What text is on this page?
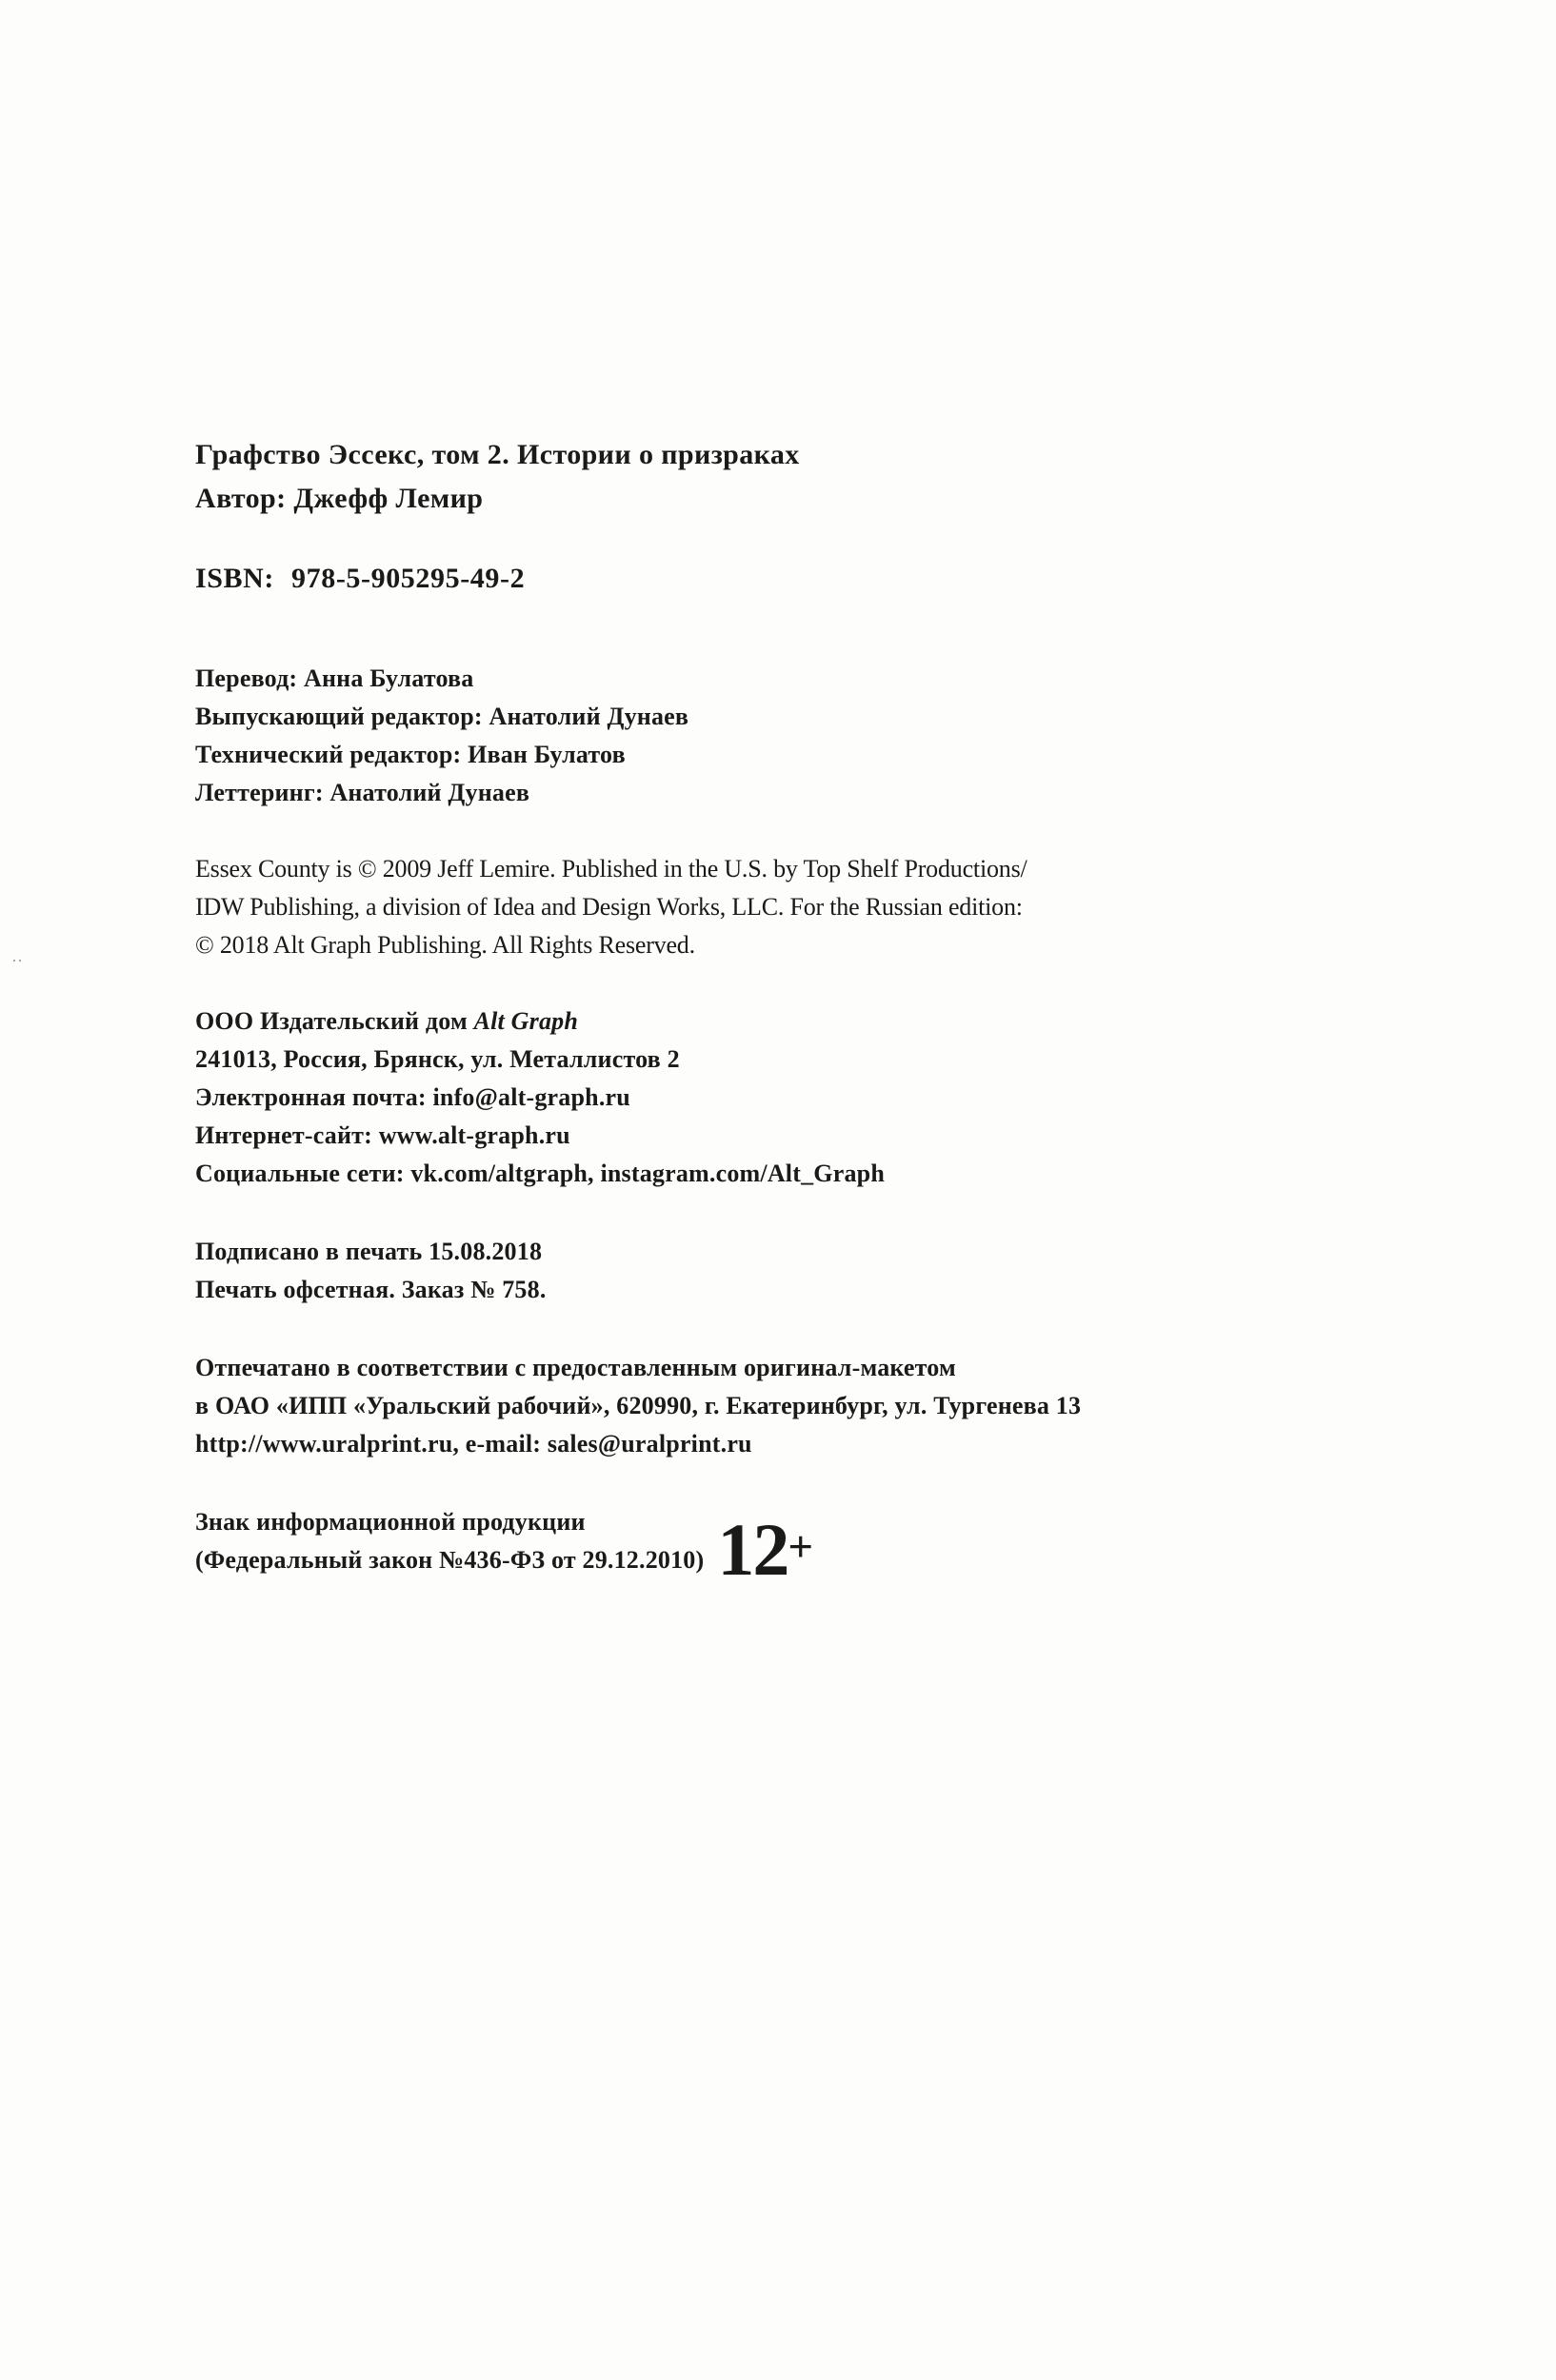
··
Графство Эссекс, том 2. Истории о призраках
Автор: Джефф Лемир
ISBN: 978-5-905295-49-2
Перевод: Анна Булатова
Выпускающий редактор: Анатолий Дунаев
Технический редактор: Иван Булатов
Леттеринг: Анатолий Дунаев
Essex County is © 2009 Jeff Lemire. Published in the U.S. by Top Shelf Productions/
IDW Publishing, a division of Idea and Design Works, LLC. For the Russian edition:
© 2018 Alt Graph Publishing. All Rights Reserved.
ООО Издательский дом Alt Graph
241013, Россия, Брянск, ул. Металлистов 2
Электронная почта: info@alt-graph.ru
Интернет-сайт: www.alt-graph.ru
Социальные сети: vk.com/altgraph, instagram.com/Alt_Graph
Подписано в печать 15.08.2018
Печать офсетная. Заказ № 758.
Отпечатано в соответствии с предоставленным оригинал-макетом
в ОАО «ИПП «Уральский рабочий», 620990, г. Екатеринбург, ул. Тургенева 13
http://www.uralprint.ru, e-mail: sales@uralprint.ru
Знак информационной продукции
(Федеральный закон №436-ФЗ от 29.12.2010) 12+
